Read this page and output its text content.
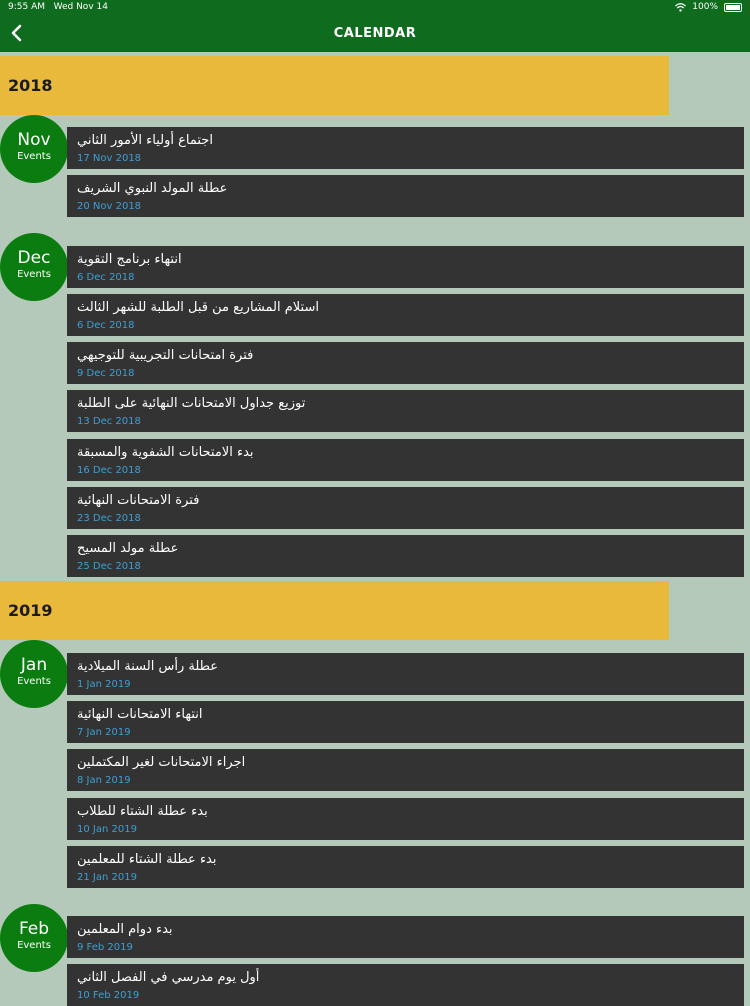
9:55 AM Wed Nov 14	100%
CALENDAR
2018
Nov
Events
اجتماع أولياء الأمور الثاني
17 Nov 2018
عطلة المولد النبوي الشريف
20 Nov 2018
Dec
Events
انتهاء برنامج التقوية
6 Dec 2018
استلام المشاريع من قبل الطلبة للشهر الثالث
6 Dec 2018
فترة امتحانات التجريبية للتوجيهي
9 Dec 2018
توزيع جداول الامتحانات النهائية على الطلبة
13 Dec 2018
بدء الامتحانات الشفوية والمسبقة
16 Dec 2018
فترة الامتحانات النهائية
23 Dec 2018
عطلة مولد المسيح
25 Dec 2018
2019
Jan
Events
عطلة رأس السنة الميلادية
1 Jan 2019
انتهاء الامتحانات النهائية
7 Jan 2019
اجراء الامتحانات لغير المكتملين
8 Jan 2019
بدء عطلة الشتاء للطلاب
10 Jan 2019
بدء عطلة الشتاء للمعلمين
21 Jan 2019
Feb
Events
بدء دوام المعلمين
9 Feb 2019
أول يوم مدرسي في الفصل الثاني
10 Feb 2019
